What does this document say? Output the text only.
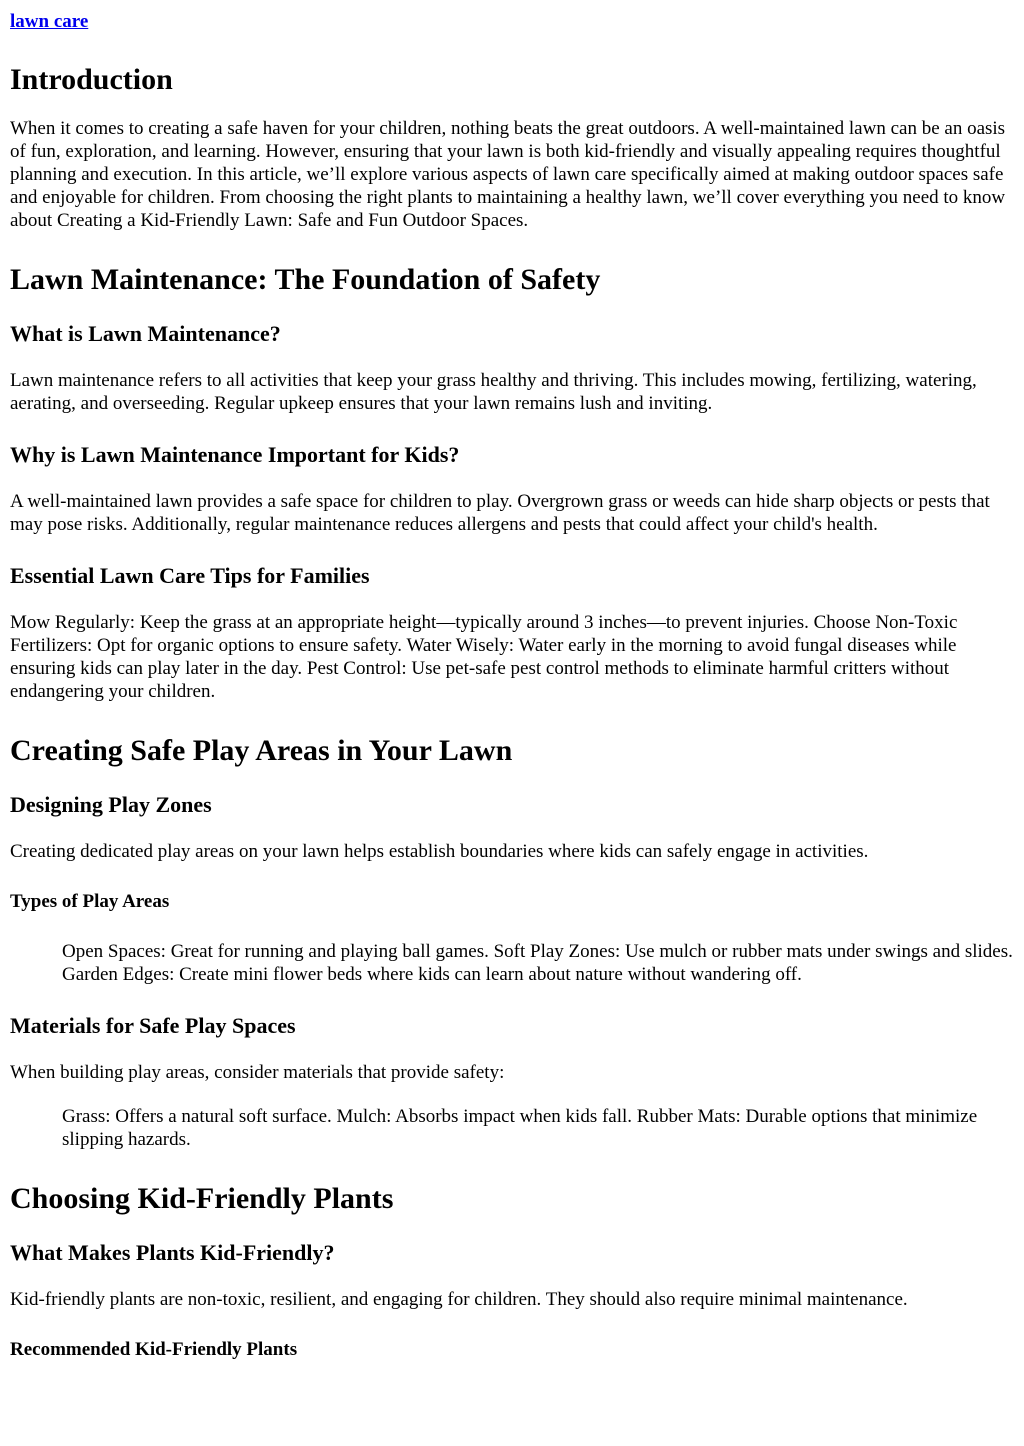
lawn care
Introduction

When it comes to creating a safe haven for your children, nothing beats the great outdoors. A well-maintained lawn can be an oasis of fun, exploration, and learning. However, ensuring that your lawn is both kid-friendly and visually appealing requires thoughtful planning and execution. In this article, we’ll explore various aspects of lawn care specifically aimed at making outdoor spaces safe and enjoyable for children. From choosing the right plants to maintaining a healthy lawn, we’ll cover everything you need to know about Creating a Kid-Friendly Lawn: Safe and Fun Outdoor Spaces.

Lawn Maintenance: The Foundation of Safety
What is Lawn Maintenance?

Lawn maintenance refers to all activities that keep your grass healthy and thriving. This includes mowing, fertilizing, watering, aerating, and overseeding. Regular upkeep ensures that your lawn remains lush and inviting.

Why is Lawn Maintenance Important for Kids?

A well-maintained lawn provides a safe space for children to play. Overgrown grass or weeds can hide sharp objects or pests that may pose risks. Additionally, regular maintenance reduces allergens and pests that could affect your child's health.

Essential Lawn Care Tips for Families

Mow Regularly: Keep the grass at an appropriate height—typically around 3 inches—to prevent injuries. Choose Non-Toxic Fertilizers: Opt for organic options to ensure safety. Water Wisely: Water early in the morning to avoid fungal diseases while ensuring kids can play later in the day. Pest Control: Use pet-safe pest control methods to eliminate harmful critters without endangering your children.

Creating Safe Play Areas in Your Lawn
Designing Play Zones

Creating dedicated play areas on your lawn helps establish boundaries where kids can safely engage in activities.

Types of Play Areas
Open Spaces: Great for running and playing ball games. Soft Play Zones: Use mulch or rubber mats under swings and slides. Garden Edges: Create mini flower beds where kids can learn about nature without wandering off.
Materials for Safe Play Spaces

When building play areas, consider materials that provide safety:

Grass: Offers a natural soft surface. Mulch: Absorbs impact when kids fall. Rubber Mats: Durable options that minimize slipping hazards.
Choosing Kid-Friendly Plants
What Makes Plants Kid-Friendly?

Kid-friendly plants are non-toxic, resilient, and engaging for children. They should also require minimal maintenance.

Recommended Kid-Friendly Plants
